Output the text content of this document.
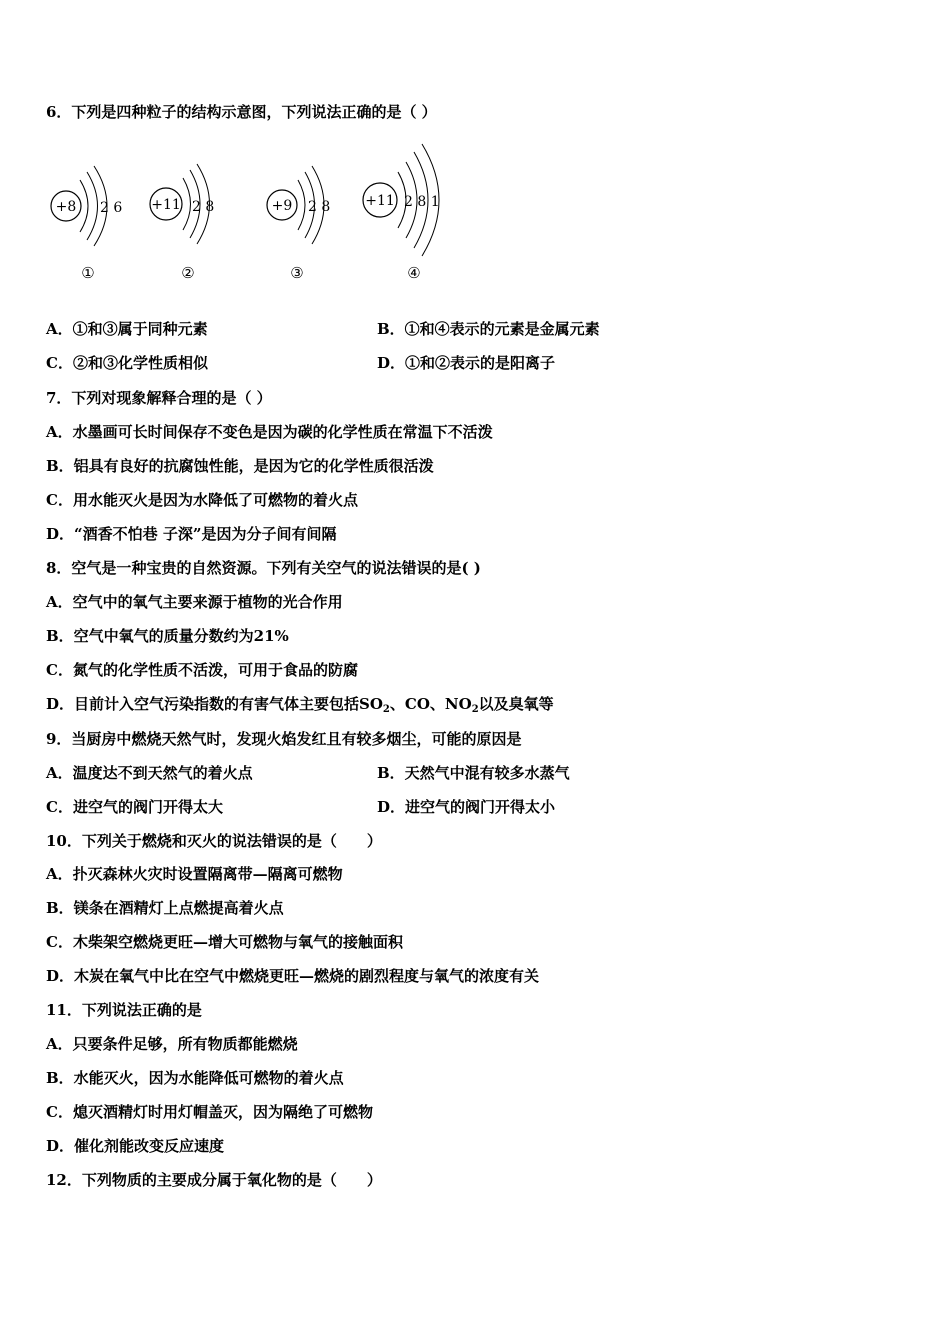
6．下列是四种粒子的结构示意图，下列说法正确的是（ ）
+8 2 6
①
+11 2 8
②
+9 2 8
③
+11 2 8 1
④
A．①和③属于同种元素	B．①和④表示的元素是金属元素
C．②和③化学性质相似	D．①和②表示的是阳离子
7．下列对现象解释合理的是（ ）
A．水墨画可长时间保存不变色是因为碳的化学性质在常温下不活泼
B．铝具有良好的抗腐蚀性能，是因为它的化学性质很活泼
C．用水能灭火是因为水降低了可燃物的着火点
D．“酒香不怕巷 子深”是因为分子间有间隔
8．空气是一种宝贵的自然资源。下列有关空气的说法错误的是( )
A．空气中的氧气主要来源于植物的光合作用
B．空气中氧气的质量分数约为21%
C．氮气的化学性质不活泼，可用于食品的防腐
D．目前计入空气污染指数的有害气体主要包括$SO_2$、CO、$NO_2$以及臭氧等
9．当厨房中燃烧天然气时，发现火焰发红且有较多烟尘，可能的原因是
A．温度达不到天然气的着火点	B．天然气中混有较多水蒸气
C．进空气的阀门开得太大	D．进空气的阀门开得太小
10．下列关于燃烧和灭火的说法错误的是（　　）
A．扑灭森林火灾时设置隔离带—隔离可燃物
B．镁条在酒精灯上点燃提高着火点
C．木柴架空燃烧更旺—增大可燃物与氧气的接触面积
D．木炭在氧气中比在空气中燃烧更旺—燃烧的剧烈程度与氧气的浓度有关
11．下列说法正确的是
A．只要条件足够，所有物质都能燃烧
B．水能灭火，因为水能降低可燃物的着火点
C．熄灭酒精灯时用灯帽盖灭，因为隔绝了可燃物
D．催化剂能改变反应速度
12．下列物质的主要成分属于氧化物的是（　　）
